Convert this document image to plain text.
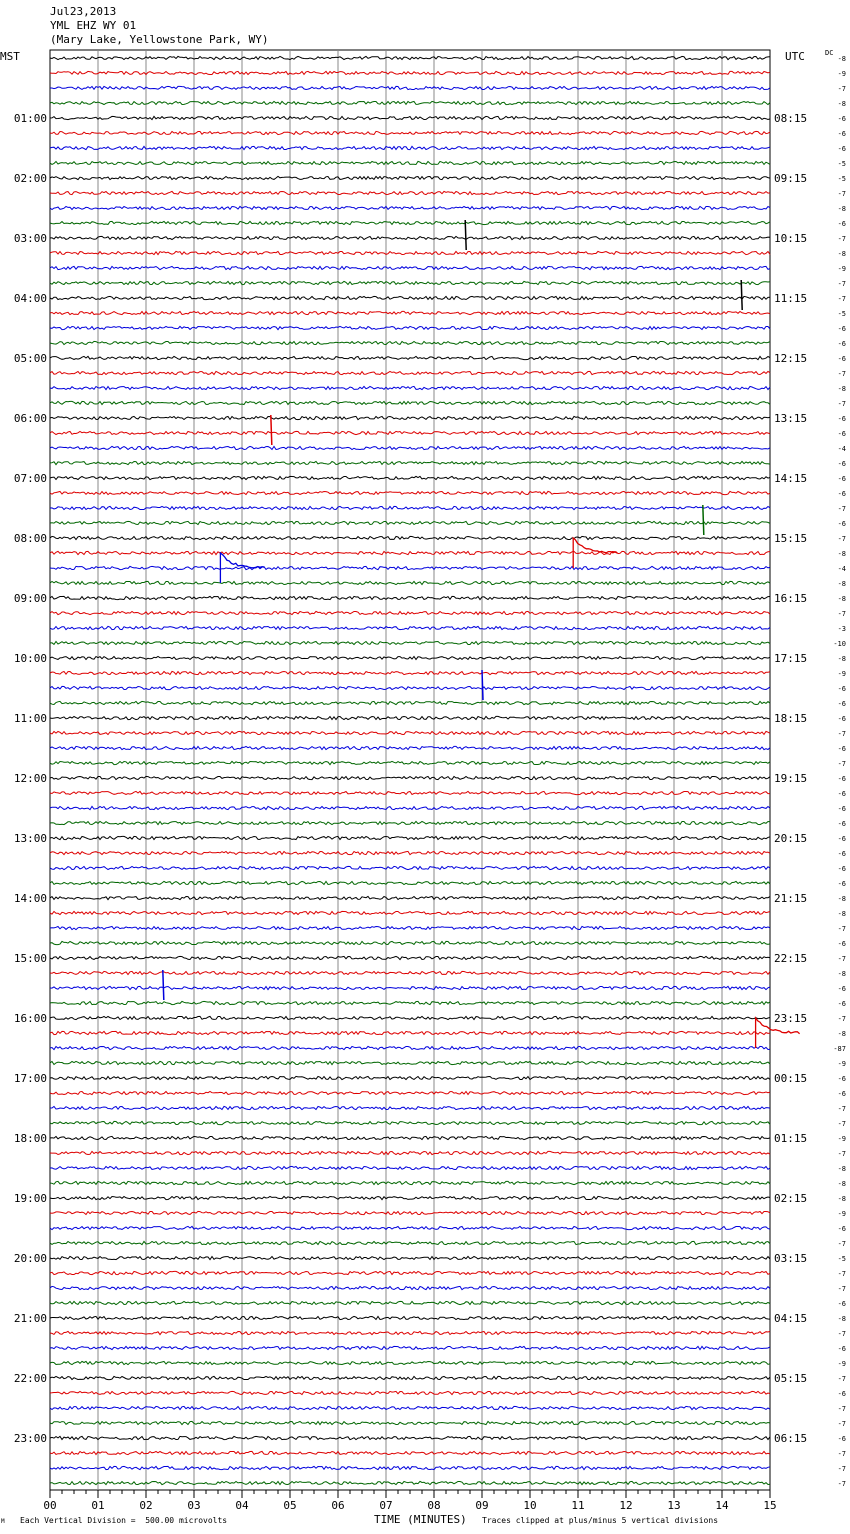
Jul23,2013
YML EHZ WY 01
(Mary Lake, Yellowstone Park, WY)
MST	UTC	DC
01:00
02:00
03:00
04:00
05:00
06:00
07:00
08:00
09:00
10:00
11:00
12:00
13:00
14:00
15:00
16:00
17:00
18:00
19:00
20:00
21:00
22:00
23:00
08:15
09:15
10:15
11:15
12:15
13:15
14:15
15:15
16:15
17:15
18:15
19:15
20:15
21:15
22:15
23:15
00:15
01:15
02:15
03:15
04:15
05:15
06:15
-8
-9
-7
-8
-6
-6
-6
-5
-5
-7
-8
-6
-7
-8
-9
-7
-7
-5
-6
-6
-6
-7
-8
-7
-6
-6
-4
-6
-6
-6
-7
-6
-7
-8
-4
-8
-8
-7
-3
-10
-8
-9
-6
-6
-6
-7
-6
-7
-6
-6
-6
-6
-6
-6
-6
-6
-8
-8
-7
-6
-7
-8
-6
-6
-7
-8
-87
-9
-6
-6
-7
-7
-9
-7
-8
-8
-8
-9
-6
-7
-5
-7
-7
-6
-8
-7
-6
-9
-7
-6
-7
-7
-6
-7
-7
-7
00	01	02	03	04	05	06	07	08	09	10	11	12	13	14	15
M Each Vertical Division =  500.00 microvolts	TIME (MINUTES) Traces clipped at plus/minus 5 vertical divisions
